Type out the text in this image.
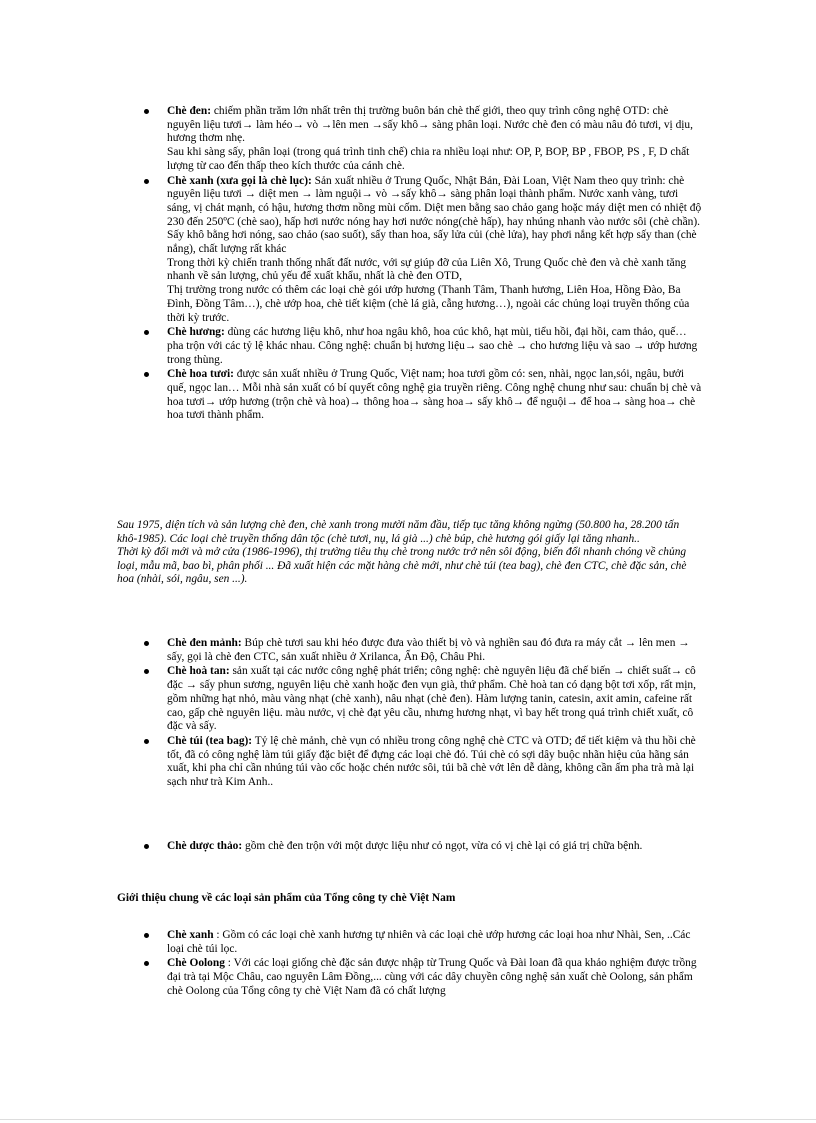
Chè đen: chiếm phần trăm lớn nhất trên thị trường buôn bán chè thế giới, theo quy trình công nghệ OTD: chè nguyên liệu tươi→ làm héo→ vò →lên men →sấy khô→ sàng phân loại. Nước chè đen có màu nâu đỏ tươi, vị dịu, hương thơm nhẹ.

Sau khi sàng sấy, phân loại (trong quá trình tinh chế) chia ra nhiều loại như: OP, P, BOP, BP , FBOP, PS , F, D chất lượng từ cao đến thấp theo kích thước của cánh chè.

Chè xanh (xưa gọi là chè lục): Sản xuất nhiều ở Trung Quốc, Nhật Bản, Đài Loan, Việt Nam theo quy trình: chè nguyên liệu tươi → diệt men → làm nguội→ vò →sấy khô→ sàng phân loại thành phẩm. Nước xanh vàng, tươi sáng, vị chát mạnh, có hậu, hương thơm nồng mùi cốm. Diệt men bằng sao chảo gang hoặc máy diệt men có nhiệt độ 230 đến 250ºC (chè sao), hấp hơi nước nóng hay hơi nước nóng(chè hấp), hay nhúng nhanh vào nước sôi (chè chần). Sấy khô bằng hơi nóng, sao chảo (sao suốt), sấy than hoa, sấy lửa củi (chè lửa), hay phơi nắng kết hợp sấy than (chè nắng), chất lượng rất khác

Trong thời kỳ chiến tranh thống nhất đất nước, với sự giúp đỡ của Liên Xô, Trung Quốc chè đen và chè xanh tăng nhanh về sản lượng, chủ yếu để xuất khẩu, nhất là chè đen OTD,

Thị trường trong nước có thêm các loại chè gói ướp hương (Thanh Tâm, Thanh hương, Liên Hoa, Hồng Đào, Ba Đình, Đồng Tâm…), chè ướp hoa, chè tiết kiệm (chè lá già, cẫng hương…), ngoài các chủng loại truyền thống của thời kỳ trước.

Chè hương: dùng các hương liệu khô, như hoa ngâu khô, hoa cúc khô, hạt mùi, tiểu hồi, đại hồi, cam thảo, quế… pha trộn với các tỷ lệ khác nhau. Công nghệ: chuẩn bị hương liệu→ sao chè → cho hương liệu và sao → ướp hương trong thùng.

Chè hoa tươi: được sản xuất nhiều ở Trung Quốc, Việt nam; hoa tươi gồm có: sen, nhài, ngọc lan,sói, ngâu, bưởi quế, ngọc lan… Mỗi nhà sản xuất có bí quyết công nghệ gia truyền riêng. Công nghệ chung như sau: chuẩn bị chè và hoa tươi→ ướp hương (trộn chè và hoa)→ thông hoa→ sàng hoa→ sấy khô→ để nguội→ để hoa→ sàng hoa→ chè hoa tươi thành phẩm.

Sau 1975, diện tích và sản lượng chè đen, chè xanh trong mười năm đầu, tiếp tục tăng không ngừng (50.800 ha, 28.200 tấn khô-1985). Các loại chè truyền thống dân tộc (chè tươi, nụ, lá già ...) chè búp, chè hương gói giấy lại tăng nhanh..

Thời kỳ đổi mới và mở cửa (1986-1996), thị trường tiêu thụ chè trong nước trở nên sôi động, biến đổi nhanh chóng về chủng loại, mẫu mã, bao bì, phân phối ... Đã xuất hiện các mặt hàng chè mới, như chè túi (tea bag), chè đen CTC, chè đặc sản, chè hoa (nhài, sói, ngâu, sen ...).

Chè đen mảnh: Búp chè tươi sau khi héo được đưa vào thiết bị vò và nghiền sau đó đưa ra máy cắt → lên men → sấy, gọi là chè đen CTC, sản xuất nhiều ở Xrilanca, Ấn Độ, Châu Phi.

Chè hoà tan: sản xuất tại các nước công nghệ phát triển; công nghệ: chè nguyên liệu đã chế biến → chiết suất→ cô đặc → sấy phun sương, nguyên liệu chè xanh hoặc đen vụn già, thứ phẩm. Chè hoà tan có dạng bột tơi xốp, rất mịn, gồm những hạt nhỏ, màu vàng nhạt (chè xanh), nâu nhạt (chè đen). Hàm lượng tanin, catesin, axit amin, cafeine rất cao, gấp chè nguyên liệu. màu nước, vị chè đạt yêu cầu, nhưng hương nhạt, vì bay hết trong quá trình chiết xuất, cô đặc và sấy.

Chè túi (tea bag): Tỷ lệ chè mảnh, chè vụn có nhiều trong công nghệ chè CTC và OTD; để tiết kiệm và thu hồi chè tốt, đã có công nghệ làm túi giấy đặc biệt để đựng các loại chè đó. Túi chè có sợi dây buộc nhãn hiệu của hãng sản xuất, khi pha chỉ cần nhúng túi vào cốc hoặc chén nước sôi, túi bã chè vớt lên dễ dàng, không cần ấm pha trà mà lại sạch như trà Kim Anh..

Chè dược thảo: gồm chè đen trộn với một dược liệu như cỏ ngọt, vừa có vị chè lại có giá trị chữa bệnh.

Giới thiệu chung về các loại sản phẩm của Tổng công ty chè Việt Nam

Chè xanh : Gồm có các loại chè xanh hương tự nhiên và các loại chè ướp hương các loại hoa như Nhài, Sen, ..Các loại chè túi lọc.

Chè Oolong : Với các loại giống chè đặc sản được nhập từ Trung Quốc và Đài loan đã qua khảo nghiệm được trồng đại trà tại Mộc Châu, cao nguyên Lâm Đồng,... cùng với các dây chuyền công nghệ sản xuất chè Oolong, sản phẩm chè Oolong của Tổng công ty chè Việt Nam đã có chất lượng
